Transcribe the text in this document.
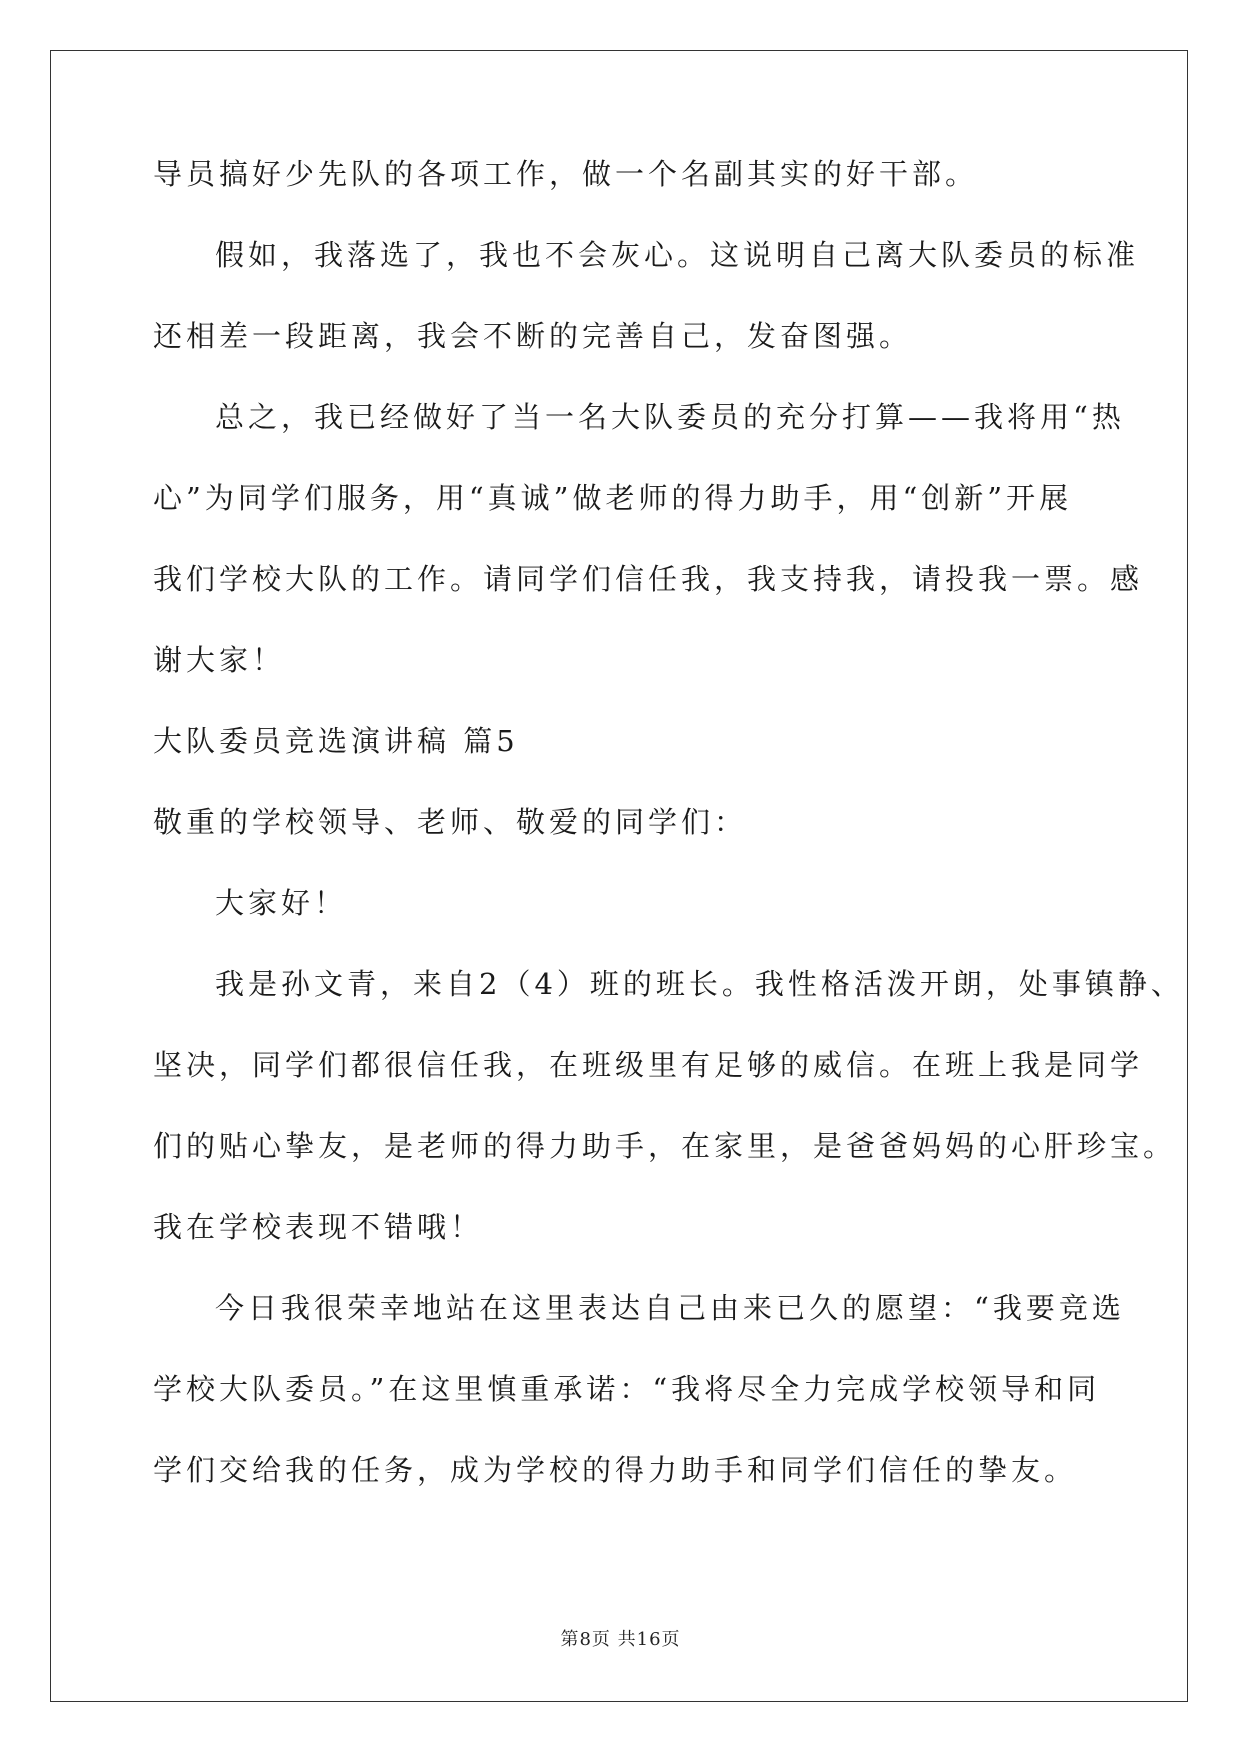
导员搞好少先队的各项工作，做一个名副其实的好干部。
假如，我落选了，我也不会灰心。这说明自己离大队委员的标准
还相差一段距离，我会不断的完善自己，发奋图强。
总之，我已经做好了当一名大队委员的充分打算——我将用“热
心”为同学们服务，用“真诚”做老师的得力助手，用“创新”开展
我们学校大队的工作。请同学们信任我，我支持我，请投我一票。感
谢大家！
大队委员竞选演讲稿 篇5
敬重的学校领导、老师、敬爱的同学们：
大家好！
我是孙文青，来自2（4）班的班长。我性格活泼开朗，处事镇静、
坚决，同学们都很信任我，在班级里有足够的威信。在班上我是同学
们的贴心挚友，是老师的得力助手，在家里，是爸爸妈妈的心肝珍宝。
我在学校表现不错哦！
今日我很荣幸地站在这里表达自己由来已久的愿望：“我要竞选
学校大队委员。”在这里慎重承诺：“我将尽全力完成学校领导和同
学们交给我的任务，成为学校的得力助手和同学们信任的挚友。
第8页 共16页
